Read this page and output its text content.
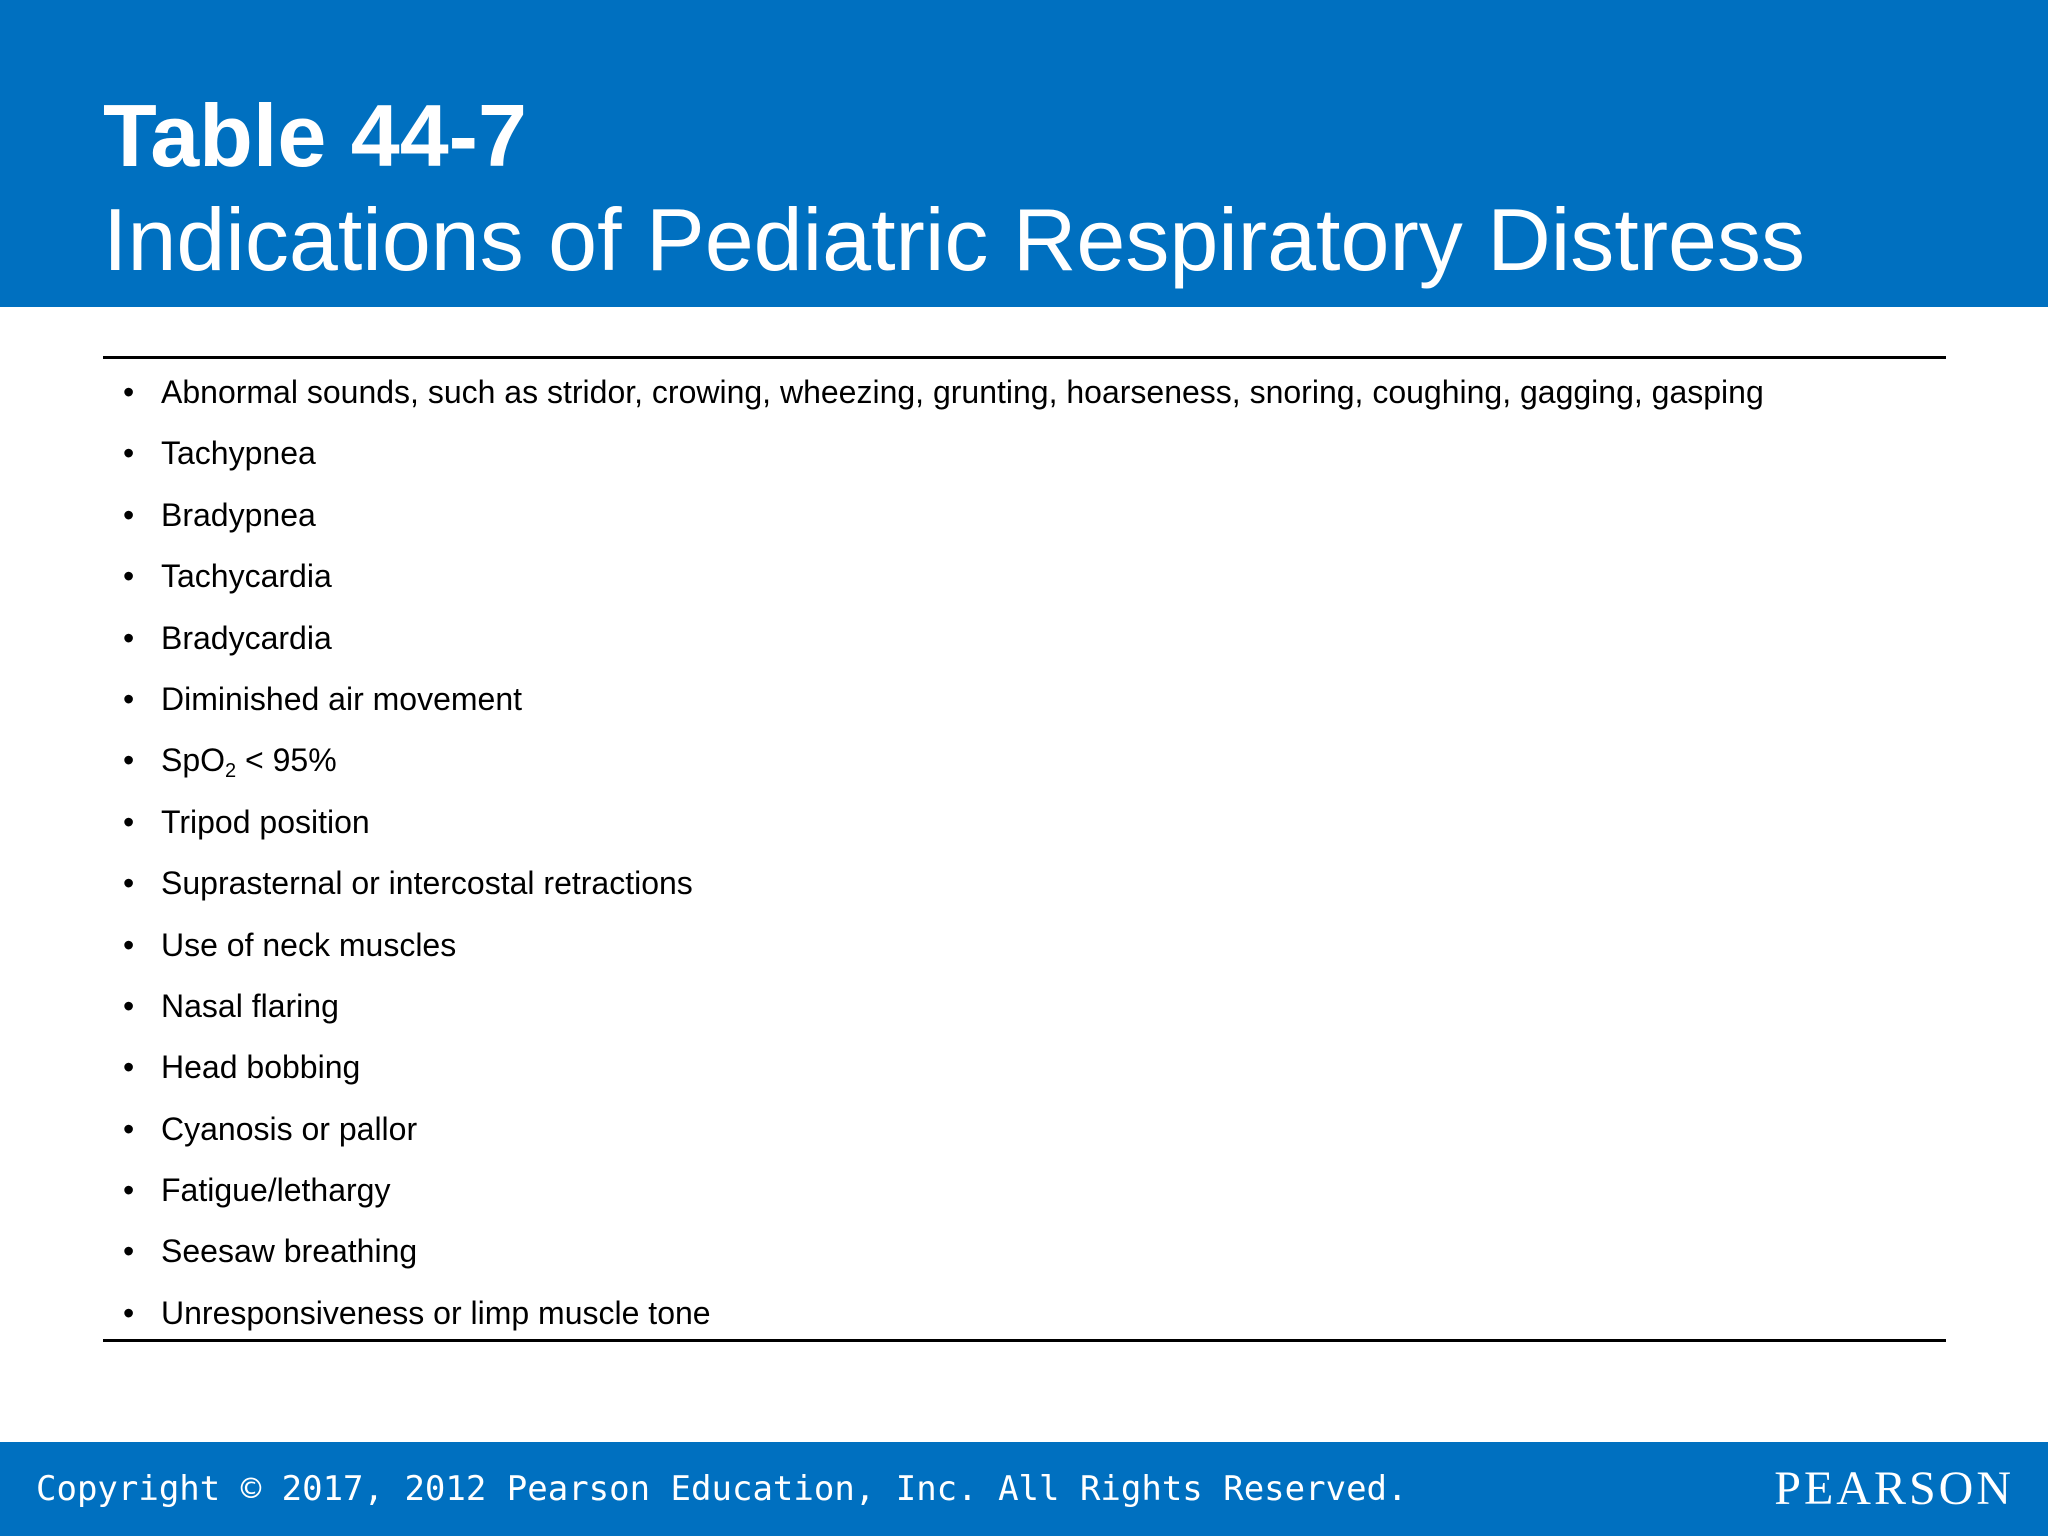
Table 44-7
Indications of Pediatric Respiratory Distress
• Abnormal sounds, such as stridor, crowing, wheezing, grunting, hoarseness, snoring, coughing, gagging, gasping
• Tachypnea
• Bradypnea
• Tachycardia
• Bradycardia
• Diminished air movement
• SpO$_2$ < 95%
• Tripod position
• Suprasternal or intercostal retractions
• Use of neck muscles
• Nasal flaring
• Head bobbing
• Cyanosis or pallor
• Fatigue/lethargy
• Seesaw breathing
• Unresponsiveness or limp muscle tone
Copyright © 2017, 2012 Pearson Education, Inc. All Rights Reserved.	PEARSON
